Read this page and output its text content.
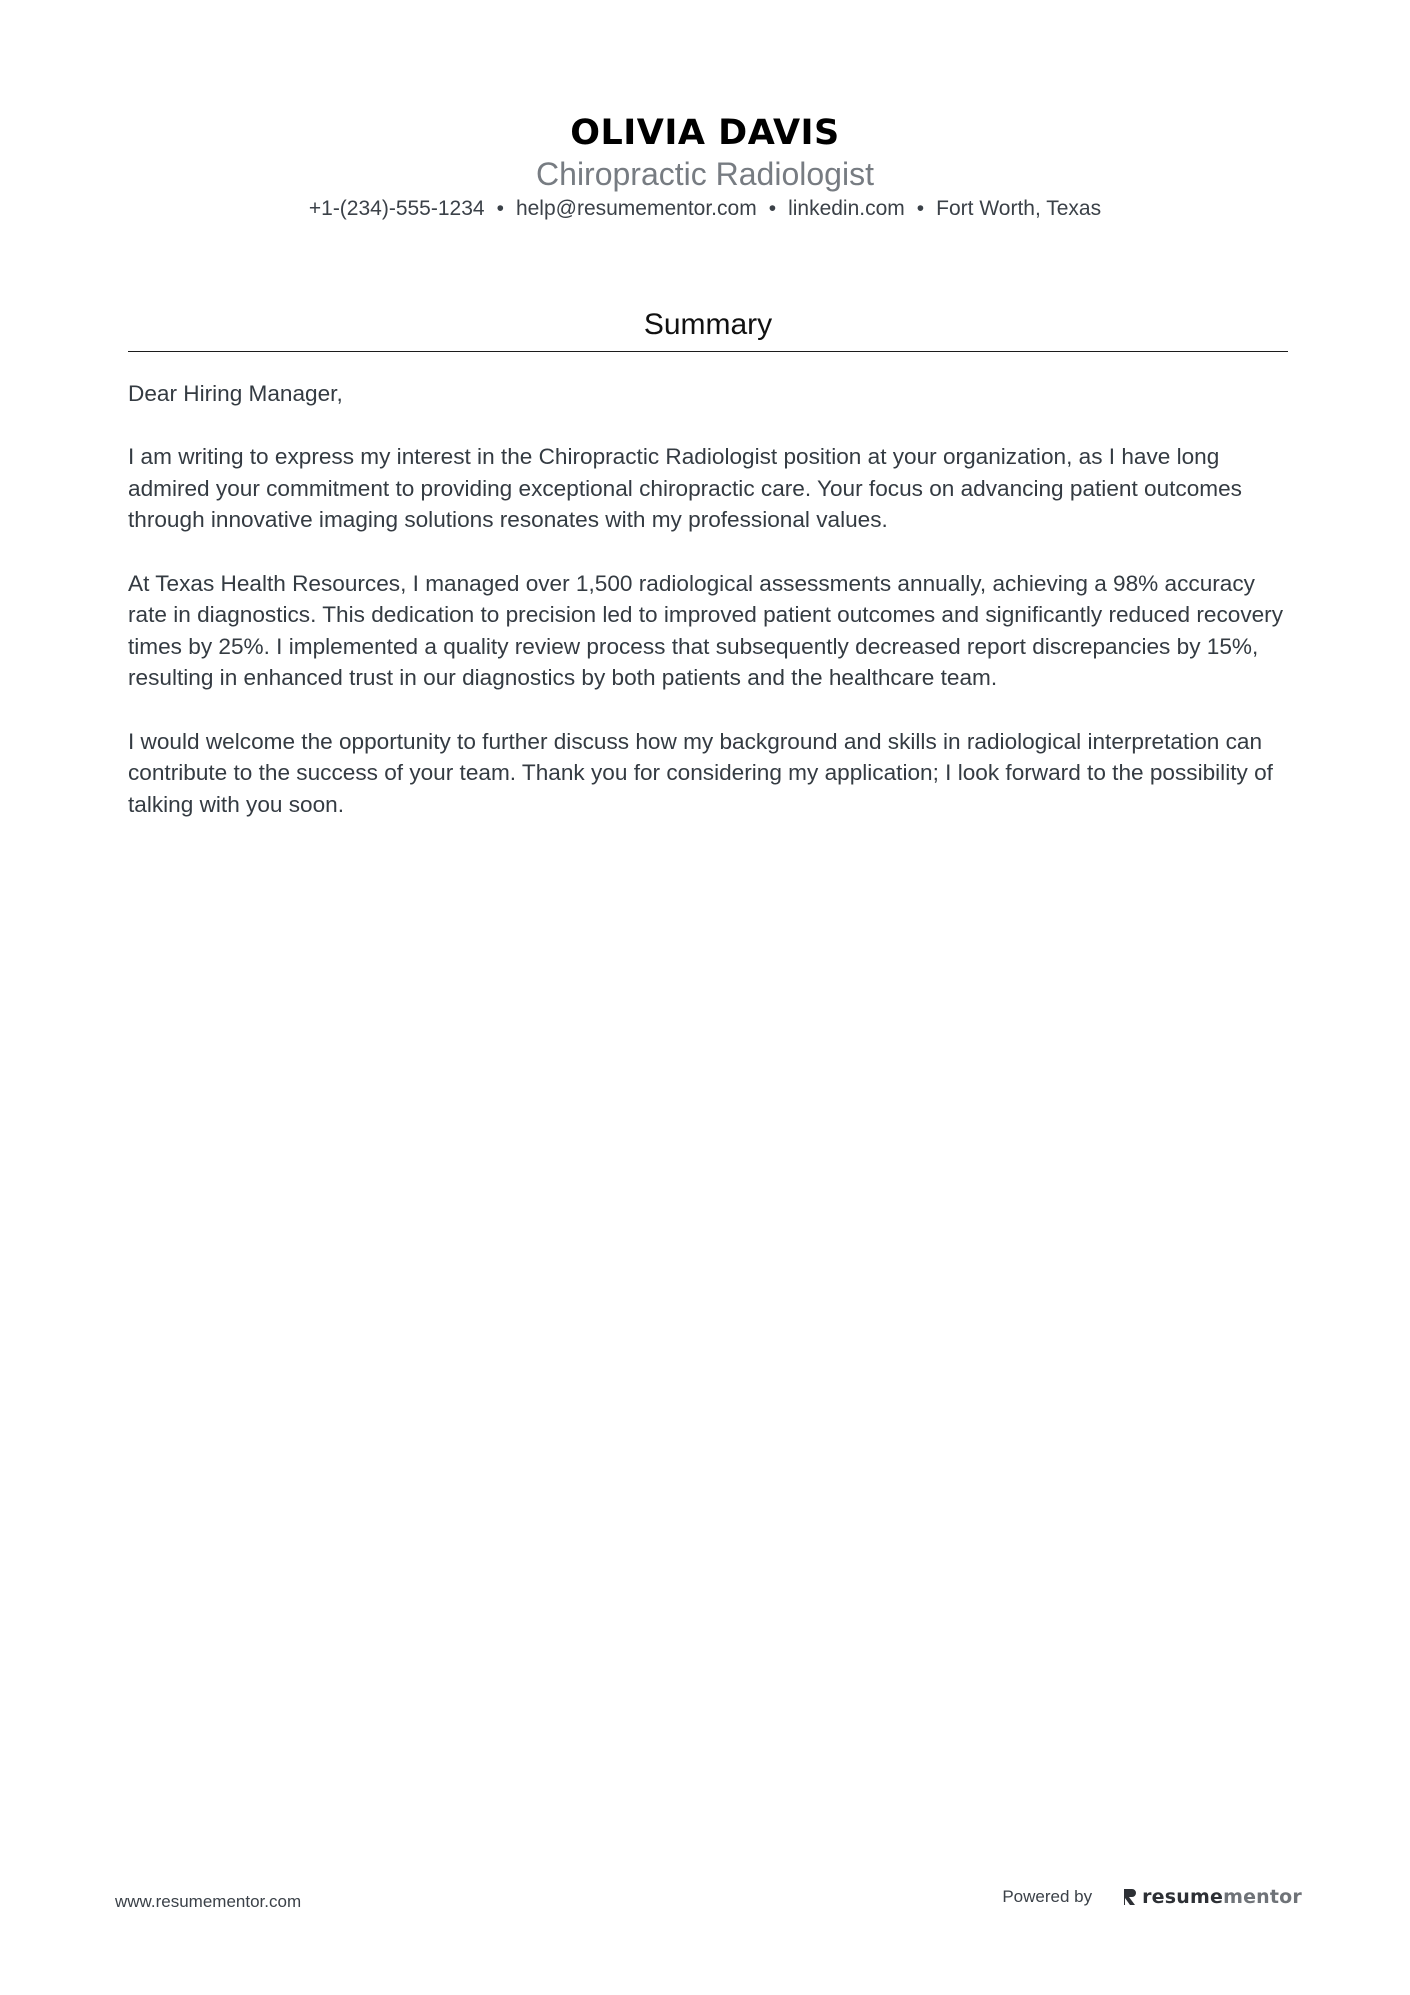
OLIVIA DAVIS
Chiropractic Radiologist
+1-(234)-555-1234 • help@resumementor.com • linkedin.com • Fort Worth, Texas
Summary

Dear Hiring Manager,

I am writing to express my interest in the Chiropractic Radiologist position at your organization, as I have long admired your commitment to providing exceptional chiropractic care. Your focus on advancing patient outcomes through innovative imaging solutions resonates with my professional values.

At Texas Health Resources, I managed over 1,500 radiological assessments annually, achieving a 98% accuracy rate in diagnostics. This dedication to precision led to improved patient outcomes and significantly reduced recovery times by 25%. I implemented a quality review process that subsequently decreased report discrepancies by 15%, resulting in enhanced trust in our diagnostics by both patients and the healthcare team.

I would welcome the opportunity to further discuss how my background and skills in radiological interpretation can contribute to the success of your team. Thank you for considering my application; I look forward to the possibility of talking with you soon.

www.resumementor.com	Powered by	resume mentor
